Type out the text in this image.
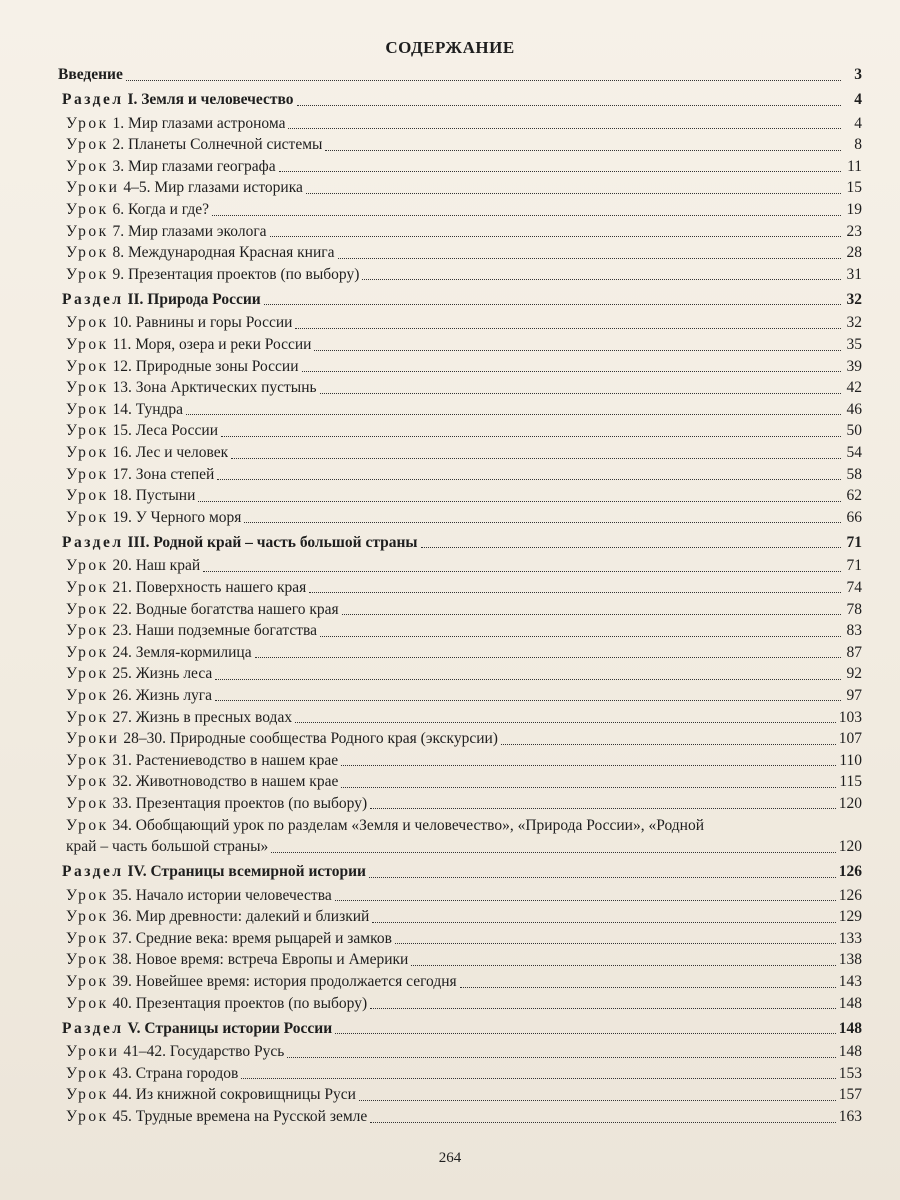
СОДЕРЖАНИЕ
Введение	3
Раздел I. Земля и человечество	4
Урок 1. Мир глазами астронома	4
Урок 2. Планеты Солнечной системы	8
Урок 3. Мир глазами географа	11
Уроки 4–5. Мир глазами историка	15
Урок 6. Когда и где?	19
Урок 7. Мир глазами эколога	23
Урок 8. Международная Красная книга	28
Урок 9. Презентация проектов (по выбору)	31
Раздел II. Природа России	32
Урок 10. Равнины и горы России	32
Урок 11. Моря, озера и реки России	35
Урок 12. Природные зоны России	39
Урок 13. Зона Арктических пустынь	42
Урок 14. Тундра	46
Урок 15. Леса России	50
Урок 16. Лес и человек	54
Урок 17. Зона степей	58
Урок 18. Пустыни	62
Урок 19. У Черного моря	66
Раздел III. Родной край – часть большой страны	71
Урок 20. Наш край	71
Урок 21. Поверхность нашего края	74
Урок 22. Водные богатства нашего края	78
Урок 23. Наши подземные богатства	83
Урок 24. Земля-кормилица	87
Урок 25. Жизнь леса	92
Урок 26. Жизнь луга	97
Урок 27. Жизнь в пресных водах	103
Уроки 28–30. Природные сообщества Родного края (экскурсии)	107
Урок 31. Растениеводство в нашем крае	110
Урок 32. Животноводство в нашем крае	115
Урок 33. Презентация проектов (по выбору)	120
Урок 34. Обобщающий урок по разделам «Земля и человечество», «Природа России», «Родной
край – часть большой страны»	120
Раздел IV. Страницы всемирной истории	126
Урок 35. Начало истории человечества	126
Урок 36. Мир древности: далекий и близкий	129
Урок 37. Средние века: время рыцарей и замков	133
Урок 38. Новое время: встреча Европы и Америки	138
Урок 39. Новейшее время: история продолжается сегодня	143
Урок 40. Презентация проектов (по выбору)	148
Раздел V. Страницы истории России	148
Уроки 41–42. Государство Русь	148
Урок 43. Страна городов	153
Урок 44. Из книжной сокровищницы Руси	157
Урок 45. Трудные времена на Русской земле	163
264
